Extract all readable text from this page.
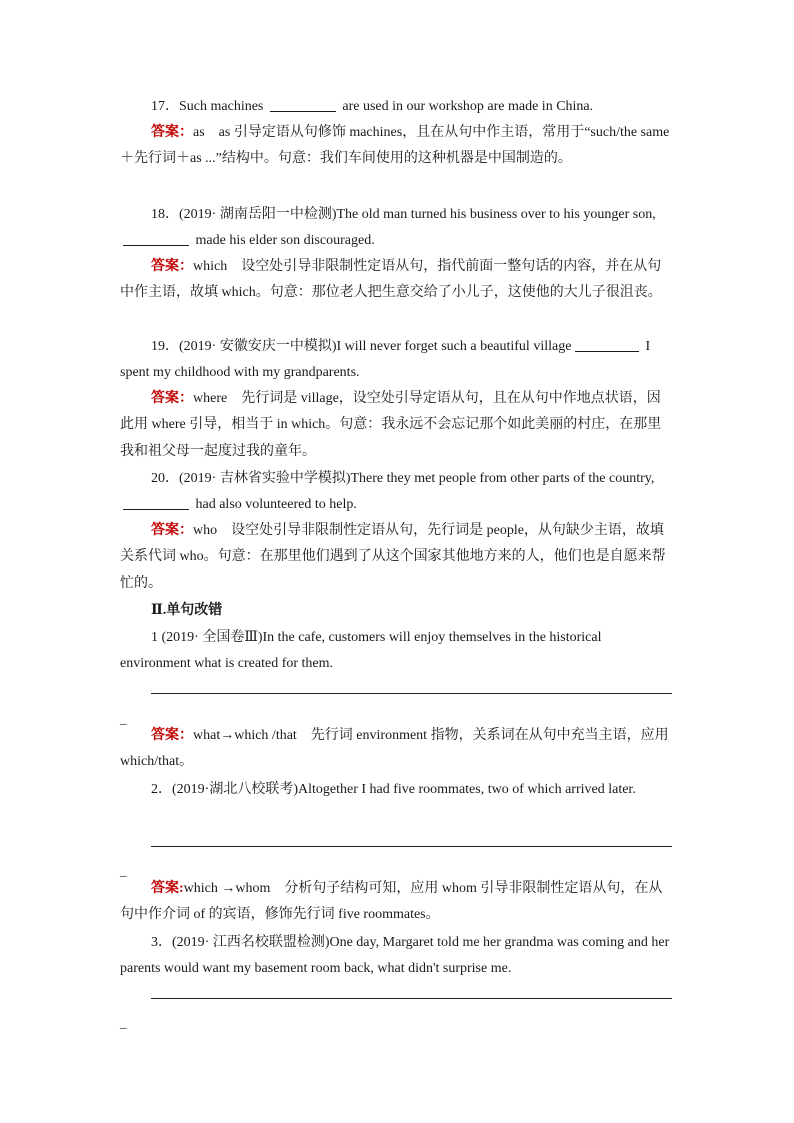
17．Such machines	are used in our workshop are made in China.
答案：as　as 引导定语从句修饰 machines，且在从句中作主语，常用于“such/the same＋先行词＋as ...”结构中。句意：我们车间使用的这种机器是中国制造的。
18．(2019· 湖南岳阳一中检测)The old man turned his business over to his younger son,  made his elder son discouraged.
答案：which　设空处引导非限制性定语从句，指代前面一整句话的内容，并在从句中作主语，故填 which。句意：那位老人把生意交给了小儿子，这使他的大儿子很沮丧。
19．(2019· 安徽安庆一中模拟)I will never forget such a beautiful village	I spent my childhood with my grandparents.
答案：where　先行词是 village，设空处引导定语从句，且在从句中作地点状语，因此用 where 引导，相当于 in which。句意：我永远不会忘记那个如此美丽的村庄，在那里我和祖父母一起度过我的童年。
20．(2019· 吉林省实验中学模拟)There they met people from other parts of the country,  had also volunteered to help.
答案：who　设空处引导非限制性定语从句，先行词是 people，从句缺少主语，故填关系代词 who。句意：在那里他们遇到了从这个国家其他地方来的人，他们也是自愿来帮忙的。
Ⅱ.单句改错
1 (2019· 全国卷Ⅲ)In the cafe, customers will enjoy themselves in the historical environment what is created for them.
_
答案：what→which /that　先行词 environment 指物，关系词在从句中充当主语，应用 which/that。
2．(2019·湖北八校联考)Altogether I had five roommates, two of which arrived later.
_
答案:which →whom　分析句子结构可知，应用 whom 引导非限制性定语从句，在从句中作介词 of 的宾语，修饰先行词 five roommates。
3．(2019· 江西名校联盟检测)One day, Margaret told me her grandma was coming and her parents would want my basement room back, what didn't surprise me.
_
